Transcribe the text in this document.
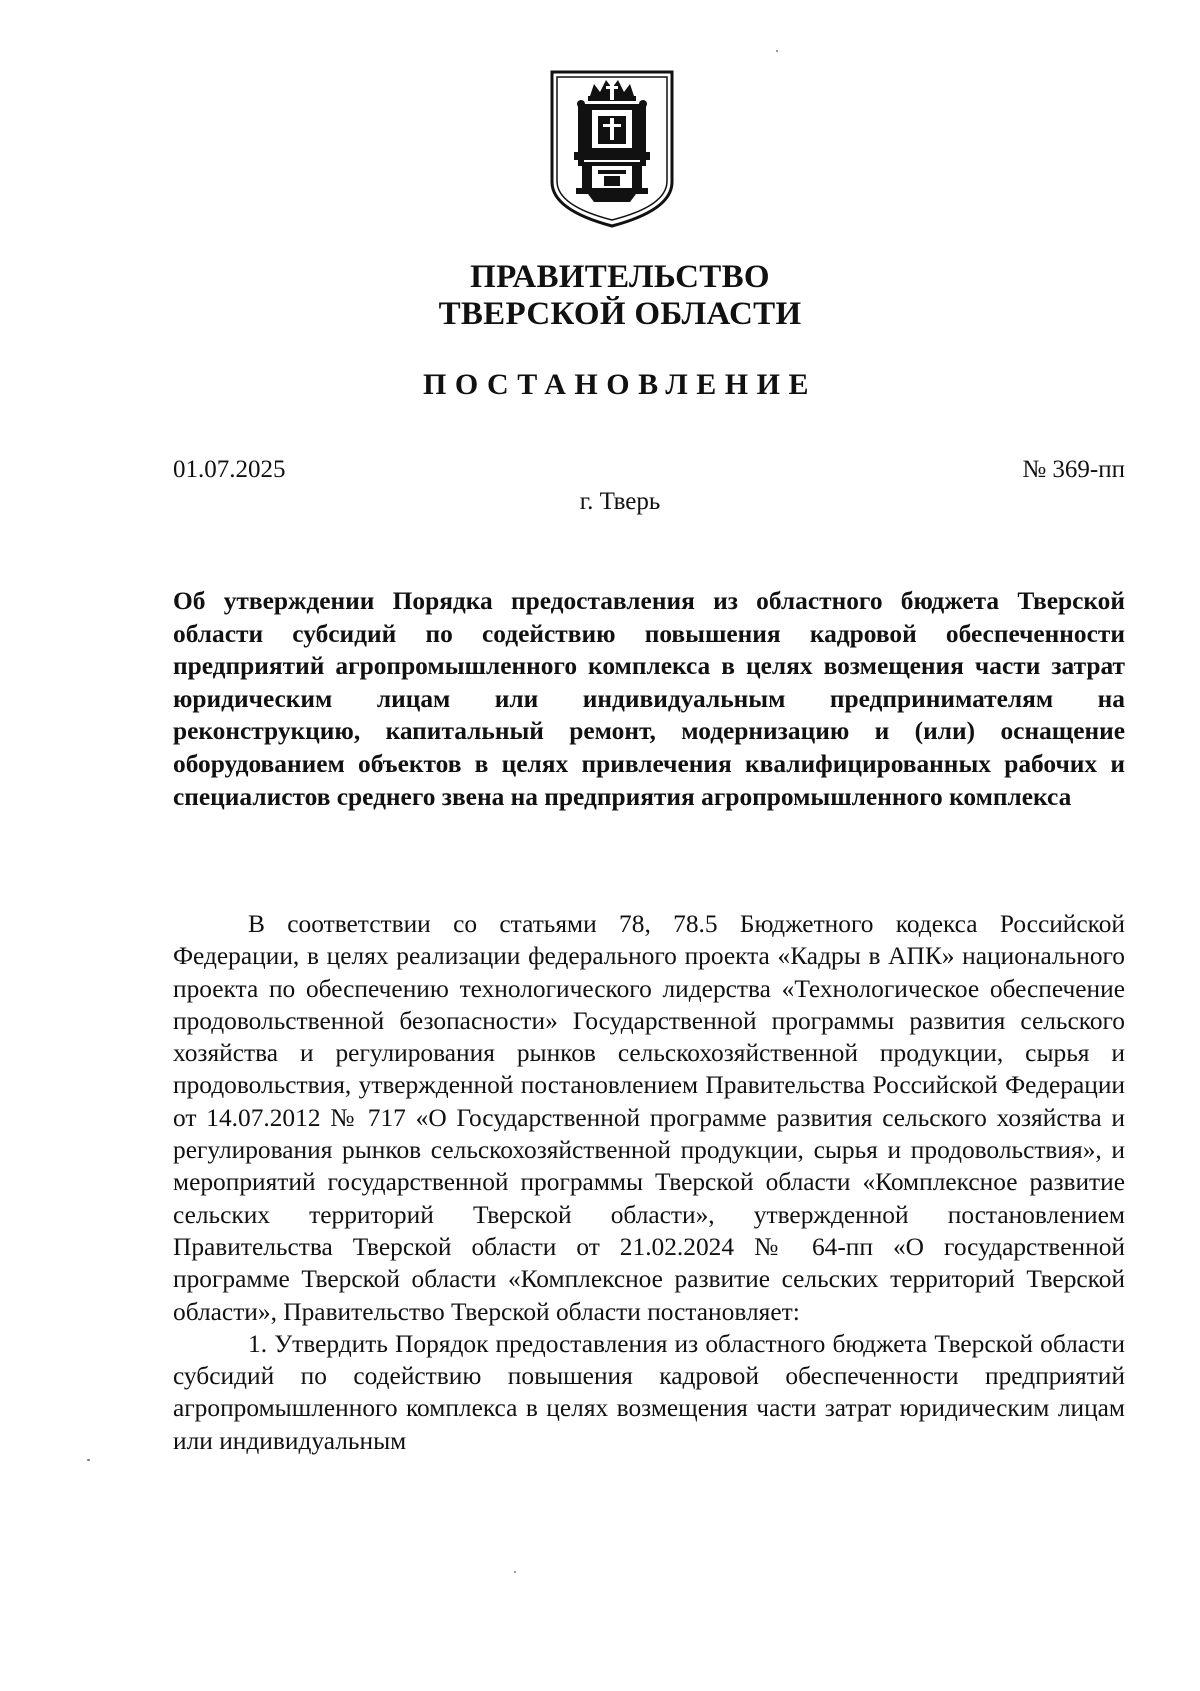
ПРАВИТЕЛЬСТВО
ТВЕРСКОЙ ОБЛАСТИ
ПОСТАНОВЛЕНИЕ
01.07.2025	№ 369-пп
г. Тверь
Об утверждении Порядка предоставления из областного бюджета Тверской области субсидий по содействию повышения кадровой обеспеченности предприятий агропромышленного комплекса в целях возмещения части затрат юридическим лицам или индивидуальным предпринимателям на реконструкцию, капитальный ремонт, модернизацию и (или) оснащение оборудованием объектов в целях привлечения квалифицированных рабочих и специалистов среднего звена на предприятия агропромышленного комплекса

В соответствии со статьями 78, 78.5 Бюджетного кодекса Российской Федерации, в целях реализации федерального проекта «Кадры в АПК» национального проекта по обеспечению технологического лидерства «Технологическое обеспечение продовольственной безопасности» Государственной программы развития сельского хозяйства и регулирования рынков сельскохозяйственной продукции, сырья и продовольствия, утвержденной постановлением Правительства Российской Федерации от 14.07.2012 № 717 «О Государственной программе развития сельского хозяйства и регулирования рынков сельскохозяйственной продукции, сырья и продовольствия», и мероприятий государственной программы Тверской области «Комплексное развитие сельских территорий Тверской области», утвержденной постановлением Правительства Тверской области от 21.02.2024 № 64-пп «О государственной программе Тверской области «Комплексное развитие сельских территорий Тверской области», Правительство Тверской области постановляет:

1. Утвердить Порядок предоставления из областного бюджета Тверской области субсидий по содействию повышения кадровой обеспеченности предприятий агропромышленного комплекса в целях возмещения части затрат юридическим лицам или индивидуальным
